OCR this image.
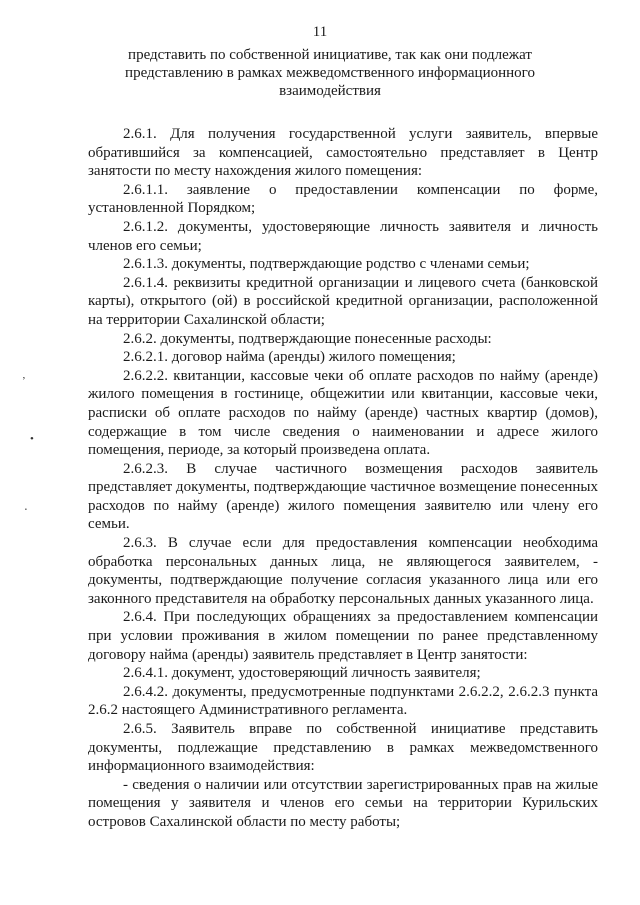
11
представить по собственной инициативе, так как они подлежат представлению в рамках межведомственного информационного взаимодействия

2.6.1. Для получения государственной услуги заявитель, впервые обратившийся за компенсацией, самостоятельно представляет в Центр занятости по месту нахождения жилого помещения:

2.6.1.1. заявление о предоставлении компенсации по форме, установленной Порядком;

2.6.1.2. документы, удостоверяющие личность заявителя и личность членов его семьи;

2.6.1.3. документы, подтверждающие родство с членами семьи;

2.6.1.4. реквизиты кредитной организации и лицевого счета (банковской карты), открытого (ой) в российской кредитной организации, расположенной на территории Сахалинской области;

2.6.2. документы, подтверждающие понесенные расходы:

2.6.2.1. договор найма (аренды) жилого помещения;

2.6.2.2. квитанции, кассовые чеки об оплате расходов по найму (аренде) жилого помещения в гостинице, общежитии или квитанции, кассовые чеки, расписки об оплате расходов по найму (аренде) частных квартир (домов), содержащие в том числе сведения о наименовании и адресе жилого помещения, периоде, за который произведена оплата.

2.6.2.3. В случае частичного возмещения расходов заявитель представляет документы, подтверждающие частичное возмещение понесенных расходов по найму (аренде) жилого помещения заявителю или члену его семьи.

2.6.3. В случае если для предоставления компенсации необходима обработка персональных данных лица, не являющегося заявителем, - документы, подтверждающие получение согласия указанного лица или его законного представителя на обработку персональных данных указанного лица.

2.6.4. При последующих обращениях за предоставлением компенсации при условии проживания в жилом помещении по ранее представленному договору найма (аренды) заявитель представляет в Центр занятости:

2.6.4.1. документ, удостоверяющий личность заявителя;

2.6.4.2. документы, предусмотренные подпунктами 2.6.2.2, 2.6.2.3 пункта 2.6.2 настоящего Административного регламента.

2.6.5. Заявитель вправе по собственной инициативе представить документы, подлежащие представлению в рамках межведомственного информационного взаимодействия:

- сведения о наличии или отсутствии зарегистрированных прав на жилые помещения у заявителя и членов его семьи на территории Курильских островов Сахалинской области по месту работы;

’
•
⋅
